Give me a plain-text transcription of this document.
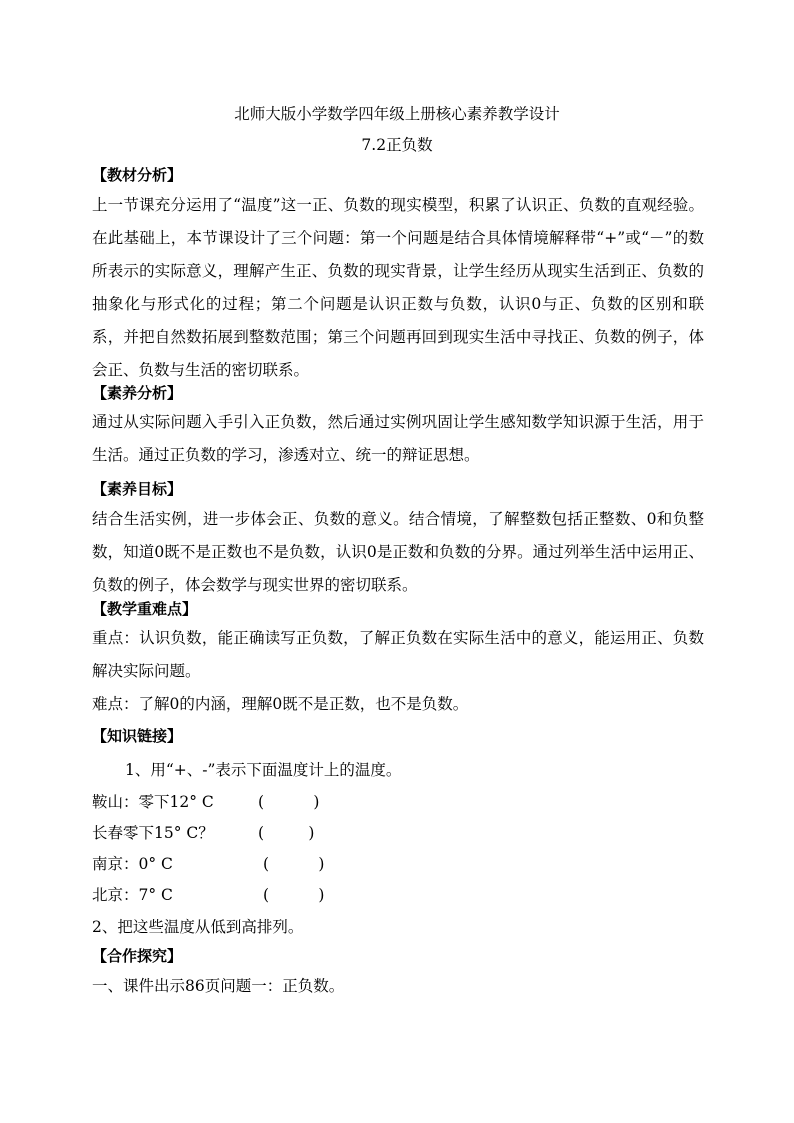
北师大版小学数学四年级上册核心素养教学设计
7.2正负数
【教材分析】
上一节课充分运用了“温度”这一正、负数的现实模型，积累了认识正、负数的直观经验。在此基础上，本节课设计了三个问题：第一个问题是结合具体情境解释带“+”或“－”的数所表示的实际意义，理解产生正、负数的现实背景，让学生经历从现实生活到正、负数的抽象化与形式化的过程；第二个问题是认识正数与负数，认识0与正、负数的区别和联系，并把自然数拓展到整数范围；第三个问题再回到现实生活中寻找正、负数的例子，体会正、负数与生活的密切联系。
【素养分析】
通过从实际问题入手引入正负数，然后通过实例巩固让学生感知数学知识源于生活，用于生活。通过正负数的学习，渗透对立、统一的辩证思想。
【素养目标】
结合生活实例，进一步体会正、负数的意义。结合情境，了解整数包括正整数、0和负整数，知道0既不是正数也不是负数，认识0是正数和负数的分界。通过列举生活中运用正、负数的例子，体会数学与现实世界的密切联系。
【教学重难点】
重点：认识负数，能正确读写正负数，了解正负数在实际生活中的意义，能运用正、负数解决实际问题。
难点：了解0的内涵，理解0既不是正数，也不是负数。
【知识链接】
1、用“+、-”表示下面温度计上的温度。
鞍山：零下12° C	(          )
长春零下15° C？	(         )
南京：0° C	(          )
北京：7° C	(          )
2、把这些温度从低到高排列。
【合作探究】
一、课件出示86页问题一：正负数。
